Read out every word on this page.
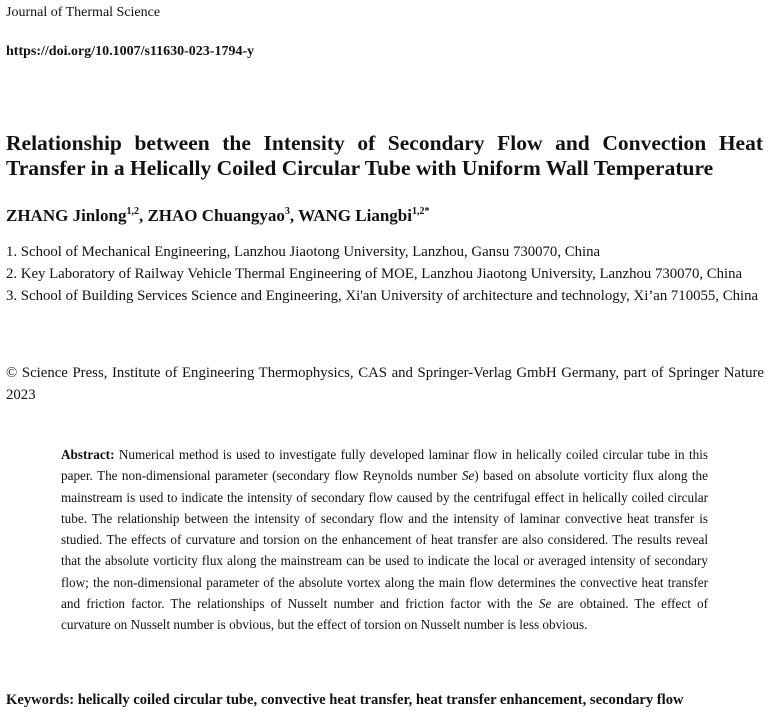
Journal of Thermal Science
https://doi.org/10.1007/s11630-023-1794-y
Relationship between the Intensity of Secondary Flow and Convection Heat Transfer in a Helically Coiled Circular Tube with Uniform Wall Temperature
ZHANG Jinlong$^{1,2}$, ZHAO Chuangyao$^3$, WANG Liangbi$^{1,2*}$
1. School of Mechanical Engineering, Lanzhou Jiaotong University, Lanzhou, Gansu 730070, China
2. Key Laboratory of Railway Vehicle Thermal Engineering of MOE, Lanzhou Jiaotong University, Lanzhou 730070, China
3. School of Building Services Science and Engineering, Xi'an University of architecture and technology, Xi’an 710055, China
© Science Press, Institute of Engineering Thermophysics, CAS and Springer-Verlag GmbH Germany, part of Springer Nature 2023
Abstract: Numerical method is used to investigate fully developed laminar flow in helically coiled circular tube in this paper. The non-dimensional parameter (secondary flow Reynolds number Se) based on absolute vorticity flux along the mainstream is used to indicate the intensity of secondary flow caused by the centrifugal effect in helically coiled circular tube. The relationship between the intensity of secondary flow and the intensity of laminar convective heat transfer is studied. The effects of curvature and torsion on the enhancement of heat transfer are also considered. The results reveal that the absolute vorticity flux along the mainstream can be used to indicate the local or averaged intensity of secondary flow; the non-dimensional parameter of the absolute vortex along the main flow determines the convective heat transfer and friction factor. The relationships of Nusselt number and friction factor with the Se are obtained. The effect of curvature on Nusselt number is obvious, but the effect of torsion on Nusselt number is less obvious.
Keywords: helically coiled circular tube, convective heat transfer, heat transfer enhancement, secondary flow
